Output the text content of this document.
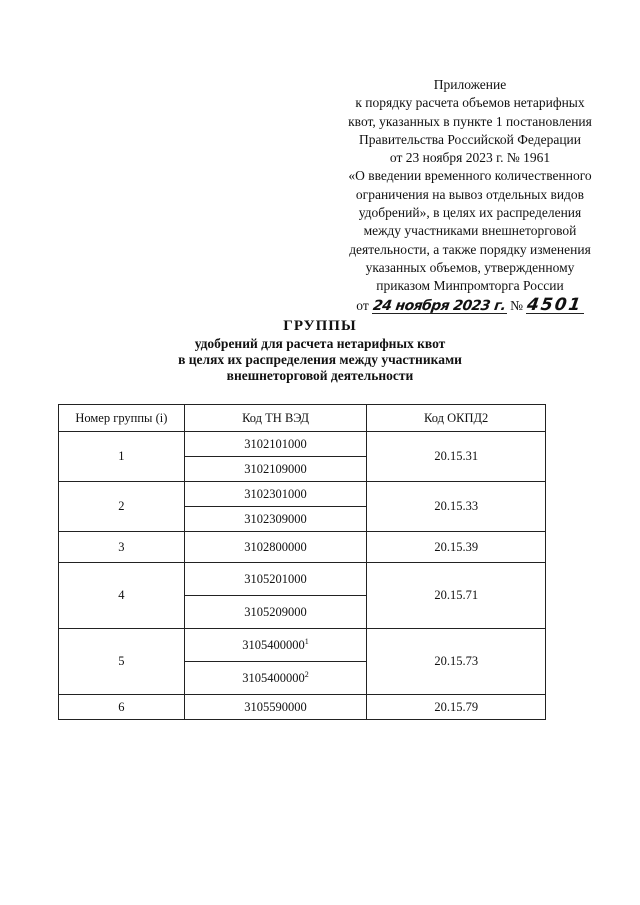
Приложение
к порядку расчета объемов нетарифных
квот, указанных в пункте 1 постановления
Правительства Российской Федерации
от 23 ноября 2023 г. № 1961
«О введении временного количественного
ограничения на вывоз отдельных видов
удобрений», в целях их распределения
между участниками внешнеторговой
деятельности, а также порядку изменения
указанных объемов, утвержденному
приказом Минпромторга России
от 24 ноября 2023 г. № 4501
ГРУППЫ
удобрений для расчета нетарифных квот
в целях их распределения между участниками
внешнеторговой деятельности
Номер группы (i)	Код ТН ВЭД	Код ОКПД2
1	3102101000	20.15.31
	3102109000	
2	3102301000	20.15.33
	3102309000	
3	3102800000	20.15.39
4	3105201000	20.15.71
	3105209000	
5	3105400000$^1$	20.15.73
	3105400000$^2$
6	3105590000	20.15.79
